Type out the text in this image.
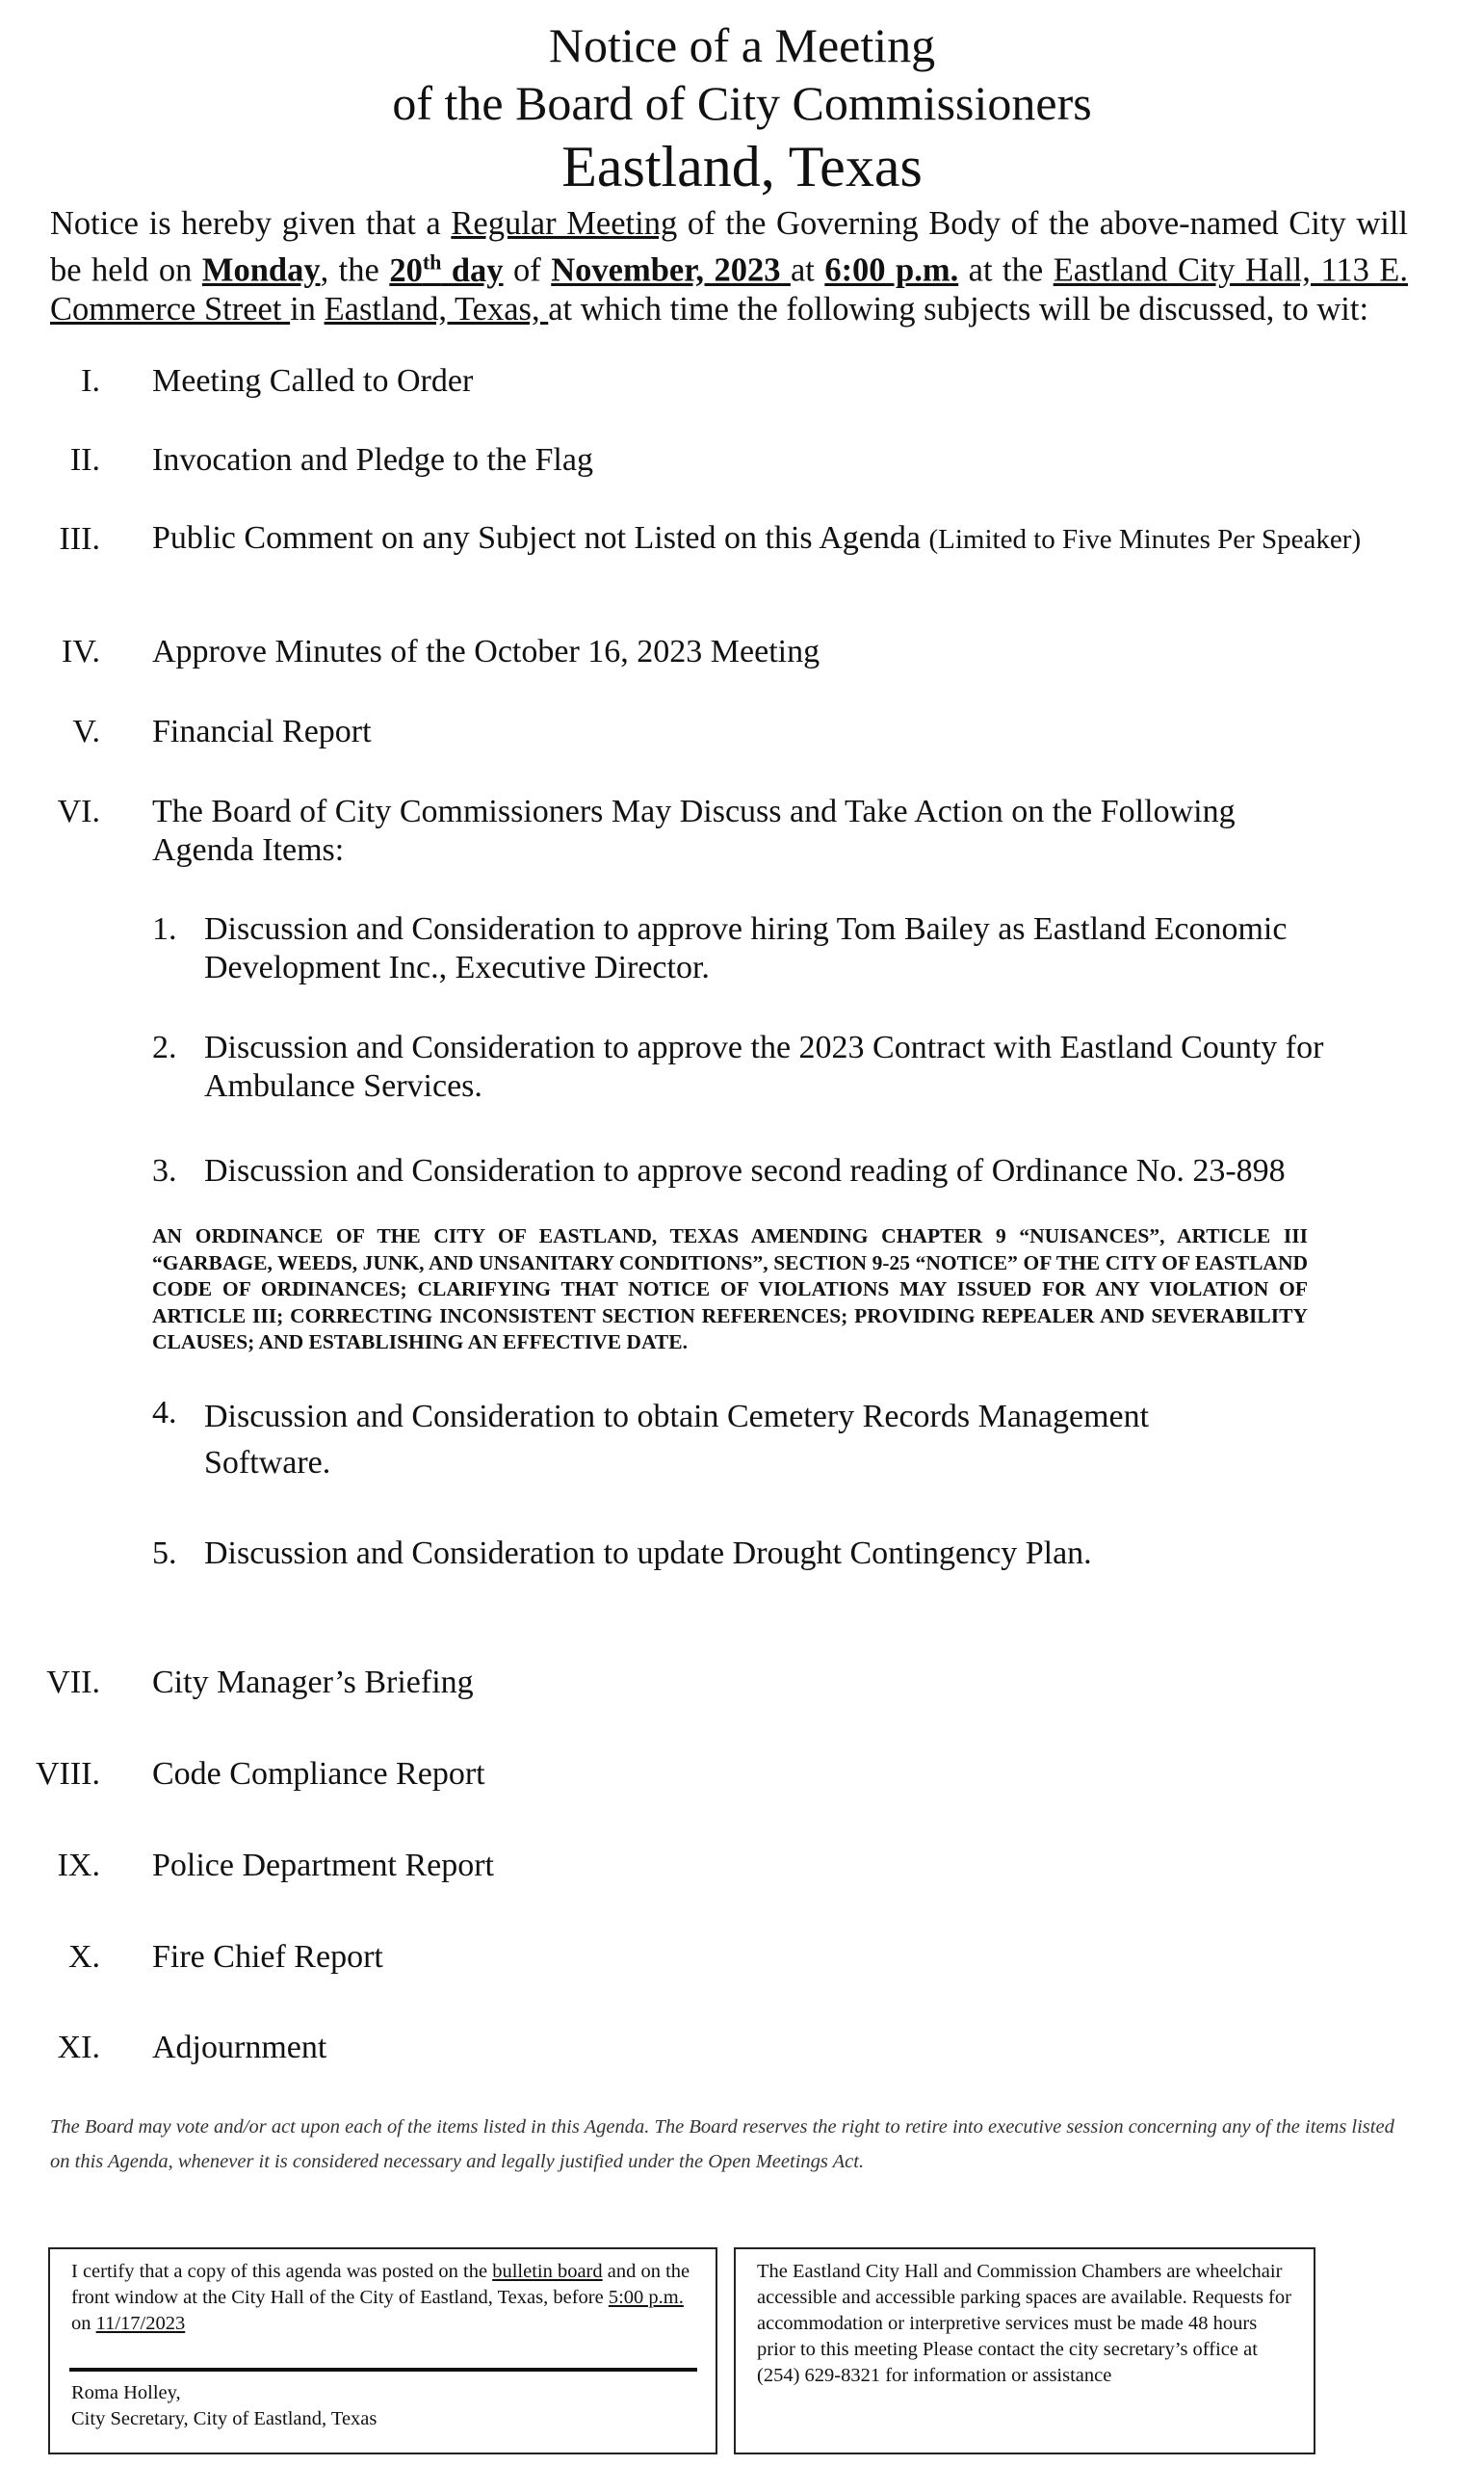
Notice of a Meeting
of the Board of City Commissioners
Eastland, Texas
Notice is hereby given that a Regular Meeting of the Governing Body of the above-named City will be held on Monday, the 20th day of November, 2023 at 6:00 p.m. at the Eastland City Hall, 113 E. Commerce Street in Eastland, Texas, at which time the following subjects will be discussed, to wit:
I. Meeting Called to Order
II. Invocation and Pledge to the Flag
III. Public Comment on any Subject not Listed on this Agenda (Limited to Five Minutes Per Speaker)
IV. Approve Minutes of the October 16, 2023 Meeting
V. Financial Report
VI. The Board of City Commissioners May Discuss and Take Action on the Following Agenda Items:
1. Discussion and Consideration to approve hiring Tom Bailey as Eastland Economic Development Inc., Executive Director.
2. Discussion and Consideration to approve the 2023 Contract with Eastland County for Ambulance Services.
3. Discussion and Consideration to approve second reading of Ordinance No. 23-898
AN ORDINANCE OF THE CITY OF EASTLAND, TEXAS AMENDING CHAPTER 9 “NUISANCES”, ARTICLE III “GARBAGE, WEEDS, JUNK, AND UNSANITARY CONDITIONS”, SECTION 9-25 “NOTICE” OF THE CITY OF EASTLAND CODE OF ORDINANCES; CLARIFYING THAT NOTICE OF VIOLATIONS MAY ISSUED FOR ANY VIOLATION OF ARTICLE III; CORRECTING INCONSISTENT SECTION REFERENCES; PROVIDING REPEALER AND SEVERABILITY CLAUSES; AND ESTABLISHING AN EFFECTIVE DATE.
4. Discussion and Consideration to obtain Cemetery Records Management Software.
5. Discussion and Consideration to update Drought Contingency Plan.
VII. City Manager’s Briefing
VIII. Code Compliance Report
IX. Police Department Report
X. Fire Chief Report
XI. Adjournment
The Board may vote and/or act upon each of the items listed in this Agenda. The Board reserves the right to retire into executive session concerning any of the items listed on this Agenda, whenever it is considered necessary and legally justified under the Open Meetings Act.
I certify that a copy of this agenda was posted on the bulletin board and on the front window at the City Hall of the City of Eastland, Texas, before 5:00 p.m. on 11/17/2023
Roma Holley,
City Secretary, City of Eastland, Texas
The Eastland City Hall and Commission Chambers are wheelchair accessible and accessible parking spaces are available. Requests for accommodation or interpretive services must be made 48 hours prior to this meeting Please contact the city secretary’s office at (254) 629-8321 for information or assistance
